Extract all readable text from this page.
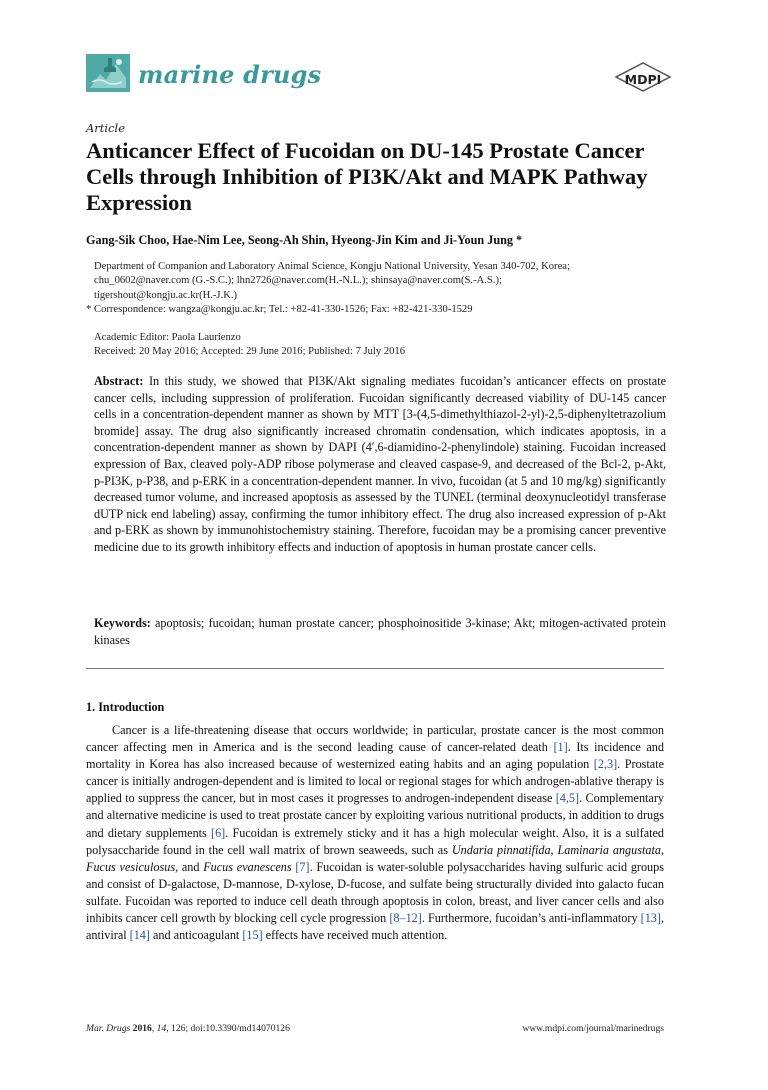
marine drugs	MDPI
Article
Anticancer Effect of Fucoidan on DU-145 Prostate Cancer Cells through Inhibition of PI3K/Akt and MAPK Pathway Expression
Gang-Sik Choo, Hae-Nim Lee, Seong-Ah Shin, Hyeong-Jin Kim and Ji-Youn Jung *

Department of Companion and Laboratory Animal Science, Kongju National University, Yesan 340-702, Korea;

chu_0602@naver.com (G.-S.C.); lhn2726@naver.com(H.-N.L.); shinsaya@naver.com(S.-A.S.);

tigershout@kongju.ac.kr(H.-J.K.)

* Correspondence: wangza@kongju.ac.kr; Tel.: +82-41-330-1526; Fax: +82-421-330-1529

Academic Editor: Paola Laurienzo

Received: 20 May 2016; Accepted: 29 June 2016; Published: 7 July 2016

Abstract: In this study, we showed that PI3K/Akt signaling mediates fucoidan’s anticancer effects on prostate cancer cells, including suppression of proliferation. Fucoidan significantly decreased viability of DU-145 cancer cells in a concentration-dependent manner as shown by MTT [3-(4,5-dimethylthiazol-2-yl)-2,5-diphenyltetrazolium bromide] assay. The drug also significantly increased chromatin condensation, which indicates apoptosis, in a concentration-dependent manner as shown by DAPI (4′,6-diamidino-2-phenylindole) staining. Fucoidan increased expression of Bax, cleaved poly-ADP ribose polymerase and cleaved caspase-9, and decreased of the Bcl-2, p-Akt, p-PI3K, p-P38, and p-ERK in a concentration-dependent manner. In vivo, fucoidan (at 5 and 10 mg/kg) significantly decreased tumor volume, and increased apoptosis as assessed by the TUNEL (terminal deoxynucleotidyl transferase dUTP nick end labeling) assay, confirming the tumor inhibitory effect. The drug also increased expression of p-Akt and p-ERK as shown by immunohistochemistry staining. Therefore, fucoidan may be a promising cancer preventive medicine due to its growth inhibitory effects and induction of apoptosis in human prostate cancer cells.
Keywords: apoptosis; fucoidan; human prostate cancer; phosphoinositide 3-kinase; Akt; mitogen-activated protein kinases
1. Introduction

Cancer is a life-threatening disease that occurs worldwide; in particular, prostate cancer is the most common cancer affecting men in America and is the second leading cause of cancer-related death [1]. Its incidence and mortality in Korea has also increased because of westernized eating habits and an aging population [2,3]. Prostate cancer is initially androgen-dependent and is limited to local or regional stages for which androgen-ablative therapy is applied to suppress the cancer, but in most cases it progresses to androgen-independent disease [4,5]. Complementary and alternative medicine is used to treat prostate cancer by exploiting various nutritional products, in addition to drugs and dietary supplements [6]. Fucoidan is extremely sticky and it has a high molecular weight. Also, it is a sulfated polysaccharide found in the cell wall matrix of brown seaweeds, such as Undaria pinnatifida, Laminaria angustata, Fucus vesiculosus, and Fucus evanescens [7]. Fucoidan is water-soluble polysaccharides having sulfuric acid groups and consist of D-galactose, D-mannose, D-xylose, D-fucose, and sulfate being structurally divided into galacto fucan sulfate. Fucoidan was reported to induce cell death through apoptosis in colon, breast, and liver cancer cells and also inhibits cancer cell growth by blocking cell cycle progression [8–12]. Furthermore, fucoidan’s anti-inflammatory [13], antiviral [14] and anticoagulant [15] effects have received much attention.

Mar. Drugs 2016, 14, 126; doi:10.3390/md14070126	www.mdpi.com/journal/marinedrugs
